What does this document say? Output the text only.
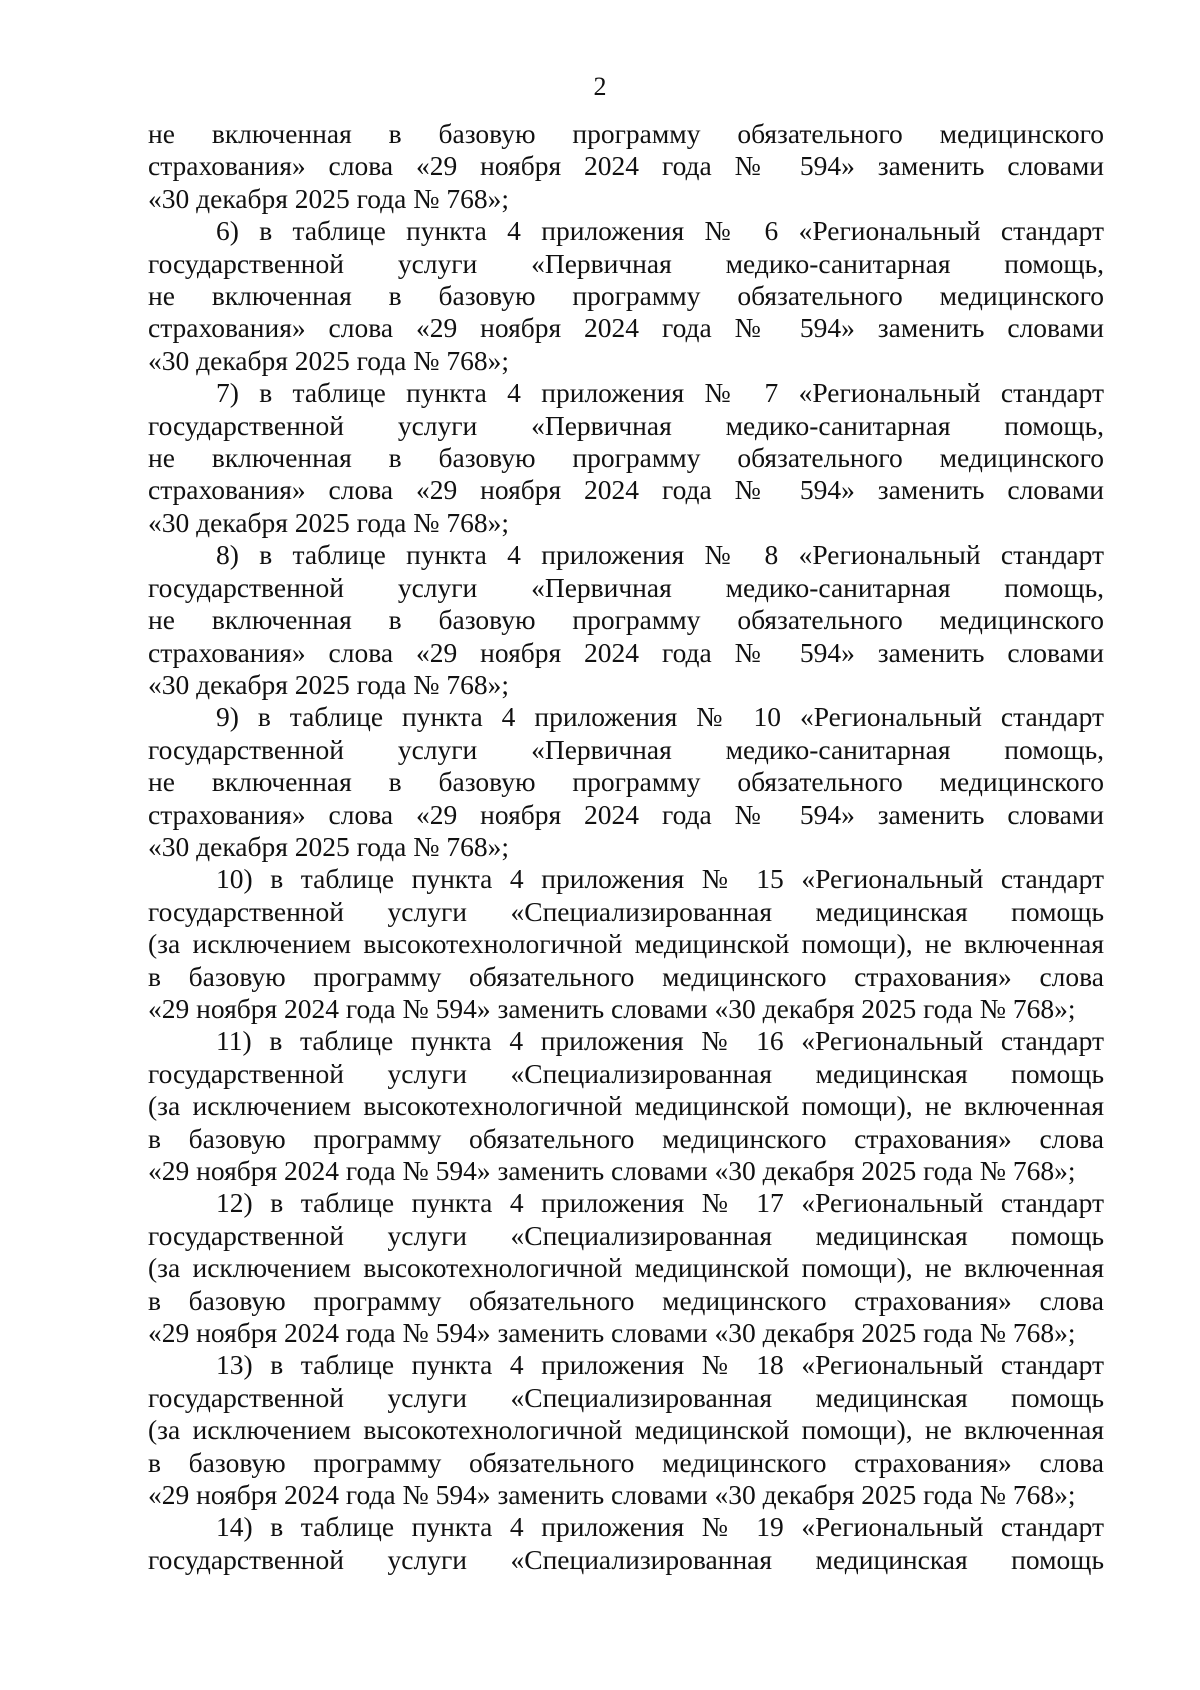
2
не включенная в базовую программу обязательного медицинского
страхования» слова «29 ноября 2024 года № 594» заменить словами
«30 декабря 2025 года № 768»;
6) в таблице пункта 4 приложения № 6 «Региональный стандарт
государственной услуги «Первичная медико-санитарная помощь,
не включенная в базовую программу обязательного медицинского
страхования» слова «29 ноября 2024 года № 594» заменить словами
«30 декабря 2025 года № 768»;
7) в таблице пункта 4 приложения № 7 «Региональный стандарт
государственной услуги «Первичная медико-санитарная помощь,
не включенная в базовую программу обязательного медицинского
страхования» слова «29 ноября 2024 года № 594» заменить словами
«30 декабря 2025 года № 768»;
8) в таблице пункта 4 приложения № 8 «Региональный стандарт
государственной услуги «Первичная медико-санитарная помощь,
не включенная в базовую программу обязательного медицинского
страхования» слова «29 ноября 2024 года № 594» заменить словами
«30 декабря 2025 года № 768»;
9) в таблице пункта 4 приложения № 10 «Региональный стандарт
государственной услуги «Первичная медико-санитарная помощь,
не включенная в базовую программу обязательного медицинского
страхования» слова «29 ноября 2024 года № 594» заменить словами
«30 декабря 2025 года № 768»;
10) в таблице пункта 4 приложения № 15 «Региональный стандарт
государственной услуги «Специализированная медицинская помощь
(за исключением высокотехнологичной медицинской помощи), не включенная
в базовую программу обязательного медицинского страхования» слова
«29 ноября 2024 года № 594» заменить словами «30 декабря 2025 года № 768»;
11) в таблице пункта 4 приложения № 16 «Региональный стандарт
государственной услуги «Специализированная медицинская помощь
(за исключением высокотехнологичной медицинской помощи), не включенная
в базовую программу обязательного медицинского страхования» слова
«29 ноября 2024 года № 594» заменить словами «30 декабря 2025 года № 768»;
12) в таблице пункта 4 приложения № 17 «Региональный стандарт
государственной услуги «Специализированная медицинская помощь
(за исключением высокотехнологичной медицинской помощи), не включенная
в базовую программу обязательного медицинского страхования» слова
«29 ноября 2024 года № 594» заменить словами «30 декабря 2025 года № 768»;
13) в таблице пункта 4 приложения № 18 «Региональный стандарт
государственной услуги «Специализированная медицинская помощь
(за исключением высокотехнологичной медицинской помощи), не включенная
в базовую программу обязательного медицинского страхования» слова
«29 ноября 2024 года № 594» заменить словами «30 декабря 2025 года № 768»;
14) в таблице пункта 4 приложения № 19 «Региональный стандарт
государственной услуги «Специализированная медицинская помощь
